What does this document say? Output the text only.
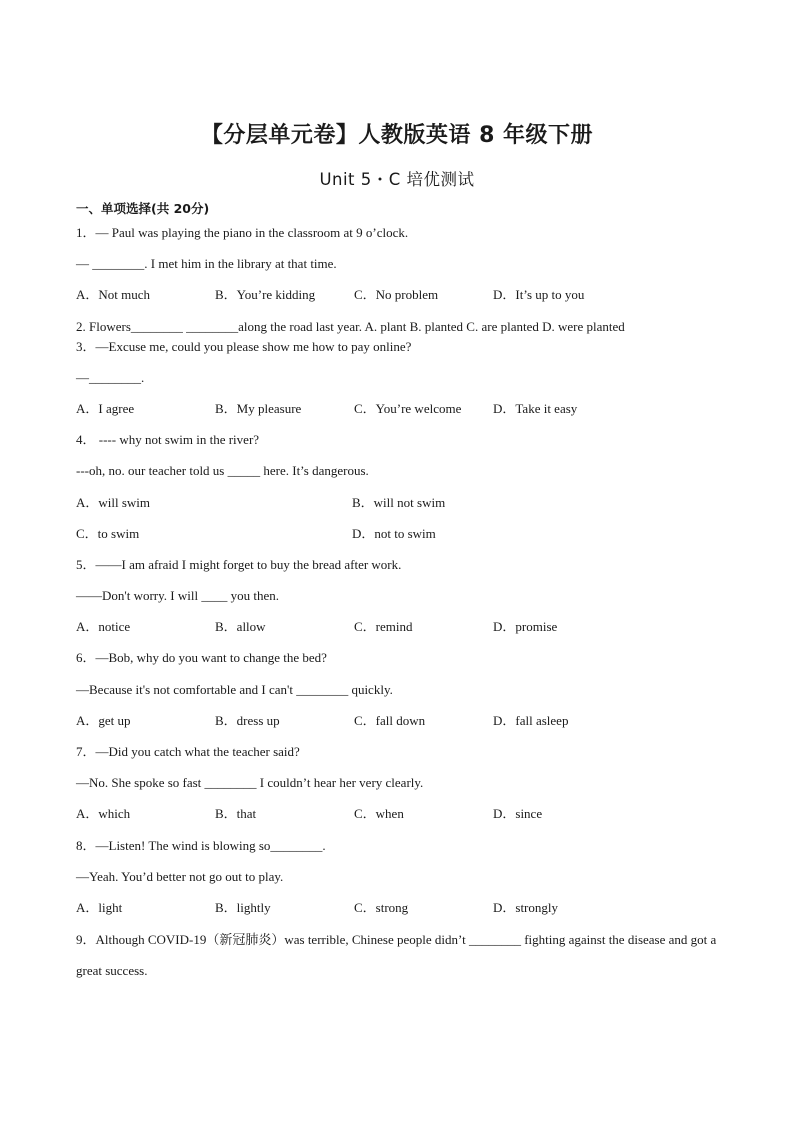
【分层单元卷】人教版英语 8 年级下册
Unit 5・C 培优测试
一、单项选择(共 20分)
1．— Paul was playing the piano in the classroom at 9 o’clock.
— ________. I met him in the library at that time.
A．Not much	B．You’re kidding	C．No problem	D．It’s up to you
2. Flowers________ ________along the road last year. A. plant B. planted C. are planted D. were planted
3．—Excuse me, could you please show me how to pay online?
—________.
A．I agree	B．My pleasure	C．You’re welcome	D．Take it easy
4． ---- why not swim in the river?
---oh, no. our teacher told us _____ here. It’s dangerous.
A．will swim	B．will not swim
C．to swim	D．not to swim
5．——I am afraid I might forget to buy the bread after work.
——Don't worry. I will ____ you then.
A．notice	B．allow	C．remind	D．promise
6．—Bob, why do you want to change the bed?
—Because it's not comfortable and I can't ________ quickly.
A．get up	B．dress up	C．fall down	D．fall asleep
7．—Did you catch what the teacher said?
—No. She spoke so fast ________ I couldn’t hear her very clearly.
A．which	B．that	C．when	D．since
8．—Listen! The wind is blowing so________.
—Yeah. You’d better not go out to play.
A．light	B．lightly	C．strong	D．strongly
9．Although COVID-19（新冠肺炎）was terrible, Chinese people didn’t ________ fighting against the disease and got a great success.
